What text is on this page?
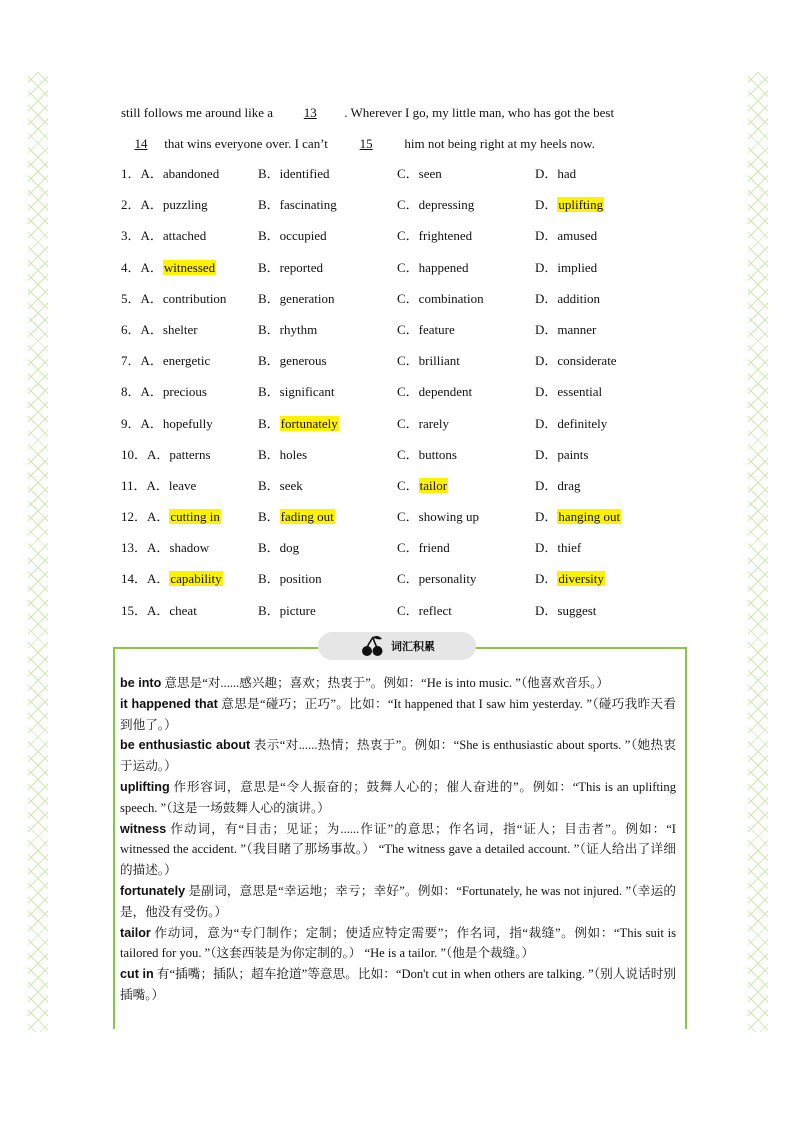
still follows me around like a 13 . Wherever I go, my little man, who has got the best
14 that wins everyone over. I can’t 15 him not being right at my heels now.
1．A．abandoned	B．identified	C．seen	D．had
2．A．puzzling	B．fascinating	C．depressing	D．uplifting
3．A．attached	B．occupied	C．frightened	D．amused
4．A．witnessed	B．reported	C．happened	D．implied
5．A．contribution B．generation	C．combination	D．addition
6．A．shelter	B．rhythm	C．feature	D．manner
7．A．energetic	B．generous	C．brilliant	D．considerate
8．A．precious	B．significant	C．dependent	D．essential
9．A．hopefully	B．fortunately	C．rarely	D．definitely
10．A．patterns	B．holes	C．buttons	D．paints
11．A．leave	B．seek	C．tailor	D．drag
12．A．cutting in	B．fading out	C．showing up	D．hanging out
13．A．shadow	B．dog	C．friend	D．thief
14．A．capability	B．position	C．personality	D．diversity
15．A．cheat	B．picture	C．reflect	D．suggest
词汇积累

be into 意思是“对......感兴趣；喜欢；热衷于”。例如：“He is into music. ”（他喜欢音乐。）

it happened that 意思是“碰巧；正巧”。比如：“It happened that I saw him yesterday. ”（碰巧我昨天看到他了。）

be enthusiastic about 表示“对......热情；热衷于”。例如：“She is enthusiastic about sports. ”（她热衷于运动。）

uplifting 作形容词，意思是“令人振奋的；鼓舞人心的；催人奋进的”。例如：“This is an uplifting speech. ”（这是一场鼓舞人心的演讲。）

witness 作动词，有“目击；见证；为......作证”的意思；作名词，指“证人；目击者”。例如：“I witnessed the accident. ”（我目睹了那场事故。） “The witness gave a detailed account. ”（证人给出了详细的描述。）

fortunately 是副词，意思是“幸运地；幸亏；幸好”。例如：“Fortunately, he was not injured. ”（幸运的是，他没有受伤。）

tailor 作动词，意为“专门制作；定制；使适应特定需要”；作名词，指“裁缝”。例如：“This suit is tailored for you. ”（这套西装是为你定制的。） “He is a tailor. ”（他是个裁缝。）

cut in 有“插嘴；插队；超车抢道”等意思。比如：“Don't cut in when others are talking. ”（别人说话时别插嘴。）
